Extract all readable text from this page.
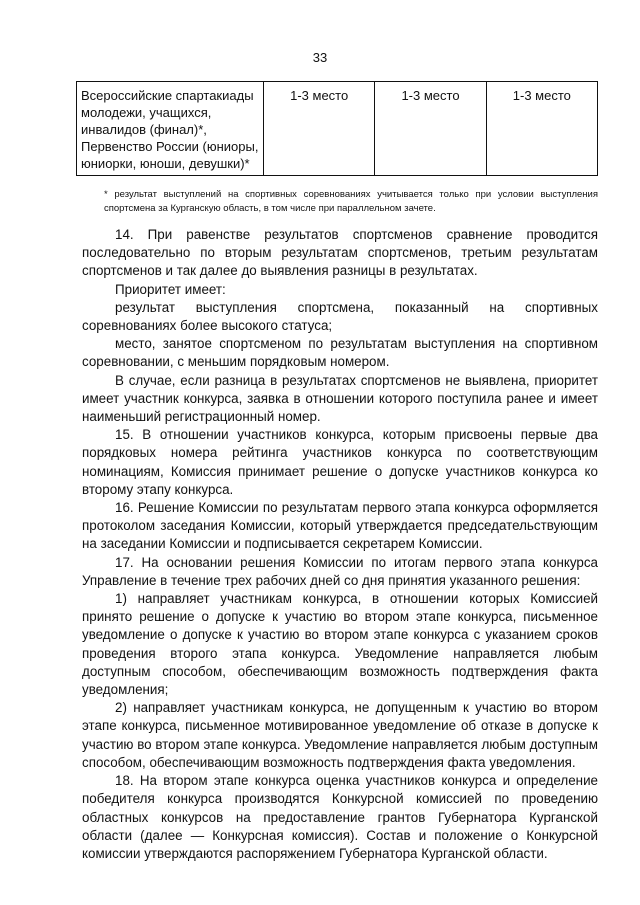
33
Всероссийские спартакиады молодежи, учащихся, инвалидов (финал)*, Первенство России (юниоры, юниорки, юноши, девушки)*	1-3 место	1-3 место	1-3 место
* результат выступлений на спортивных соревнованиях учитывается только при условии выступления спортсмена за Курганскую область, в том числе при параллельном зачете.

14. При равенстве результатов спортсменов сравнение проводится последовательно по вторым результатам спортсменов, третьим результатам спортсменов и так далее до выявления разницы в результатах.

Приоритет имеет:

результат выступления спортсмена, показанный на спортивных соревнованиях более высокого статуса;

место, занятое спортсменом по результатам выступления на спортивном соревновании, с меньшим порядковым номером.

В случае, если разница в результатах спортсменов не выявлена, приоритет имеет участник конкурса, заявка в отношении которого поступила ранее и имеет наименьший регистрационный номер.

15. В отношении участников конкурса, которым присвоены первые два порядковых номера рейтинга участников конкурса по соответствующим номинациям, Комиссия принимает решение о допуске участников конкурса ко второму этапу конкурса.

16. Решение Комиссии по результатам первого этапа конкурса оформляется протоколом заседания Комиссии, который утверждается председательствующим на заседании Комиссии и подписывается секретарем Комиссии.

17. На основании решения Комиссии по итогам первого этапа конкурса Управление в течение трех рабочих дней со дня принятия указанного решения:

1) направляет участникам конкурса, в отношении которых Комиссией принято решение о допуске к участию во втором этапе конкурса, письменное уведомление о допуске к участию во втором этапе конкурса с указанием сроков проведения второго этапа конкурса. Уведомление направляется любым доступным способом, обеспечивающим возможность подтверждения факта уведомления;

2) направляет участникам конкурса, не допущенным к участию во втором этапе конкурса, письменное мотивированное уведомление об отказе в допуске к участию во втором этапе конкурса. Уведомление направляется любым доступным способом, обеспечивающим возможность подтверждения факта уведомления.

18. На втором этапе конкурса оценка участников конкурса и определение победителя конкурса производятся Конкурсной комиссией по проведению областных конкурсов на предоставление грантов Губернатора Курганской области (далее — Конкурсная комиссия). Состав и положение о Конкурсной комиссии утверждаются распоряжением Губернатора Курганской области.
